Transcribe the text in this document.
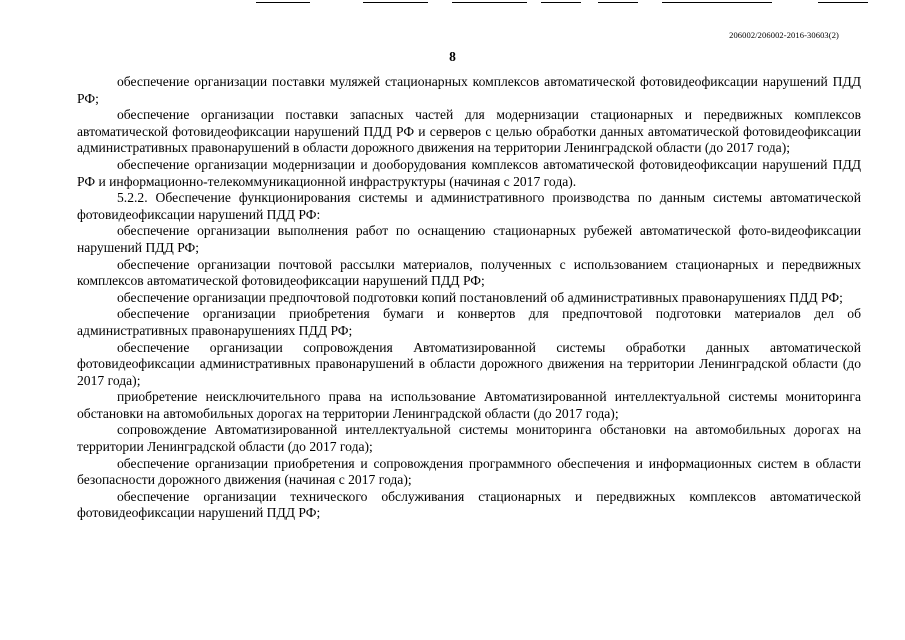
206002/206002-2016-30603(2)
8

обеспечение организации поставки муляжей стационарных комплексов автоматической фотовидеофиксации нарушений ПДД РФ;

обеспечение организации поставки запасных частей для модернизации стационарных и передвижных комплексов автоматической фотовидеофиксации нарушений ПДД РФ и серверов с целью обработки данных автоматической фотовидеофиксации административных правонарушений в области дорожного движения на территории Ленинградской области (до 2017 года);

обеспечение организации модернизации и дооборудования комплексов автоматической фотовидеофиксации нарушений ПДД РФ и информационно-телекоммуникационной инфраструктуры (начиная с 2017 года).

5.2.2. Обеспечение функционирования системы и административного производства по данным системы автоматической фотовидеофиксации нарушений ПДД РФ:

обеспечение организации выполнения работ по оснащению стационарных рубежей автоматической фото-видеофиксации нарушений ПДД РФ;

обеспечение организации почтовой рассылки материалов, полученных с использованием стационарных и передвижных комплексов автоматической фотовидеофиксации нарушений ПДД РФ;

обеспечение организации предпочтовой подготовки копий постановлений об административных правонарушениях ПДД РФ;

обеспечение организации приобретения бумаги и конвертов для предпочтовой подготовки материалов дел об административных правонарушениях ПДД РФ;

обеспечение организации сопровождения Автоматизированной системы обработки данных автоматической фотовидеофиксации административных правонарушений в области дорожного движения на территории Ленинградской области (до 2017 года);

приобретение неисключительного права на использование Автоматизированной интеллектуальной системы мониторинга обстановки на автомобильных дорогах на территории Ленинградской области (до 2017 года);

сопровождение Автоматизированной интеллектуальной системы мониторинга обстановки на автомобильных дорогах на территории Ленинградской области (до 2017 года);

обеспечение организации приобретения и сопровождения программного обеспечения и информационных систем в области безопасности дорожного движения (начиная с 2017 года);

обеспечение организации технического обслуживания стационарных и передвижных комплексов автоматической фотовидеофиксации нарушений ПДД РФ;
